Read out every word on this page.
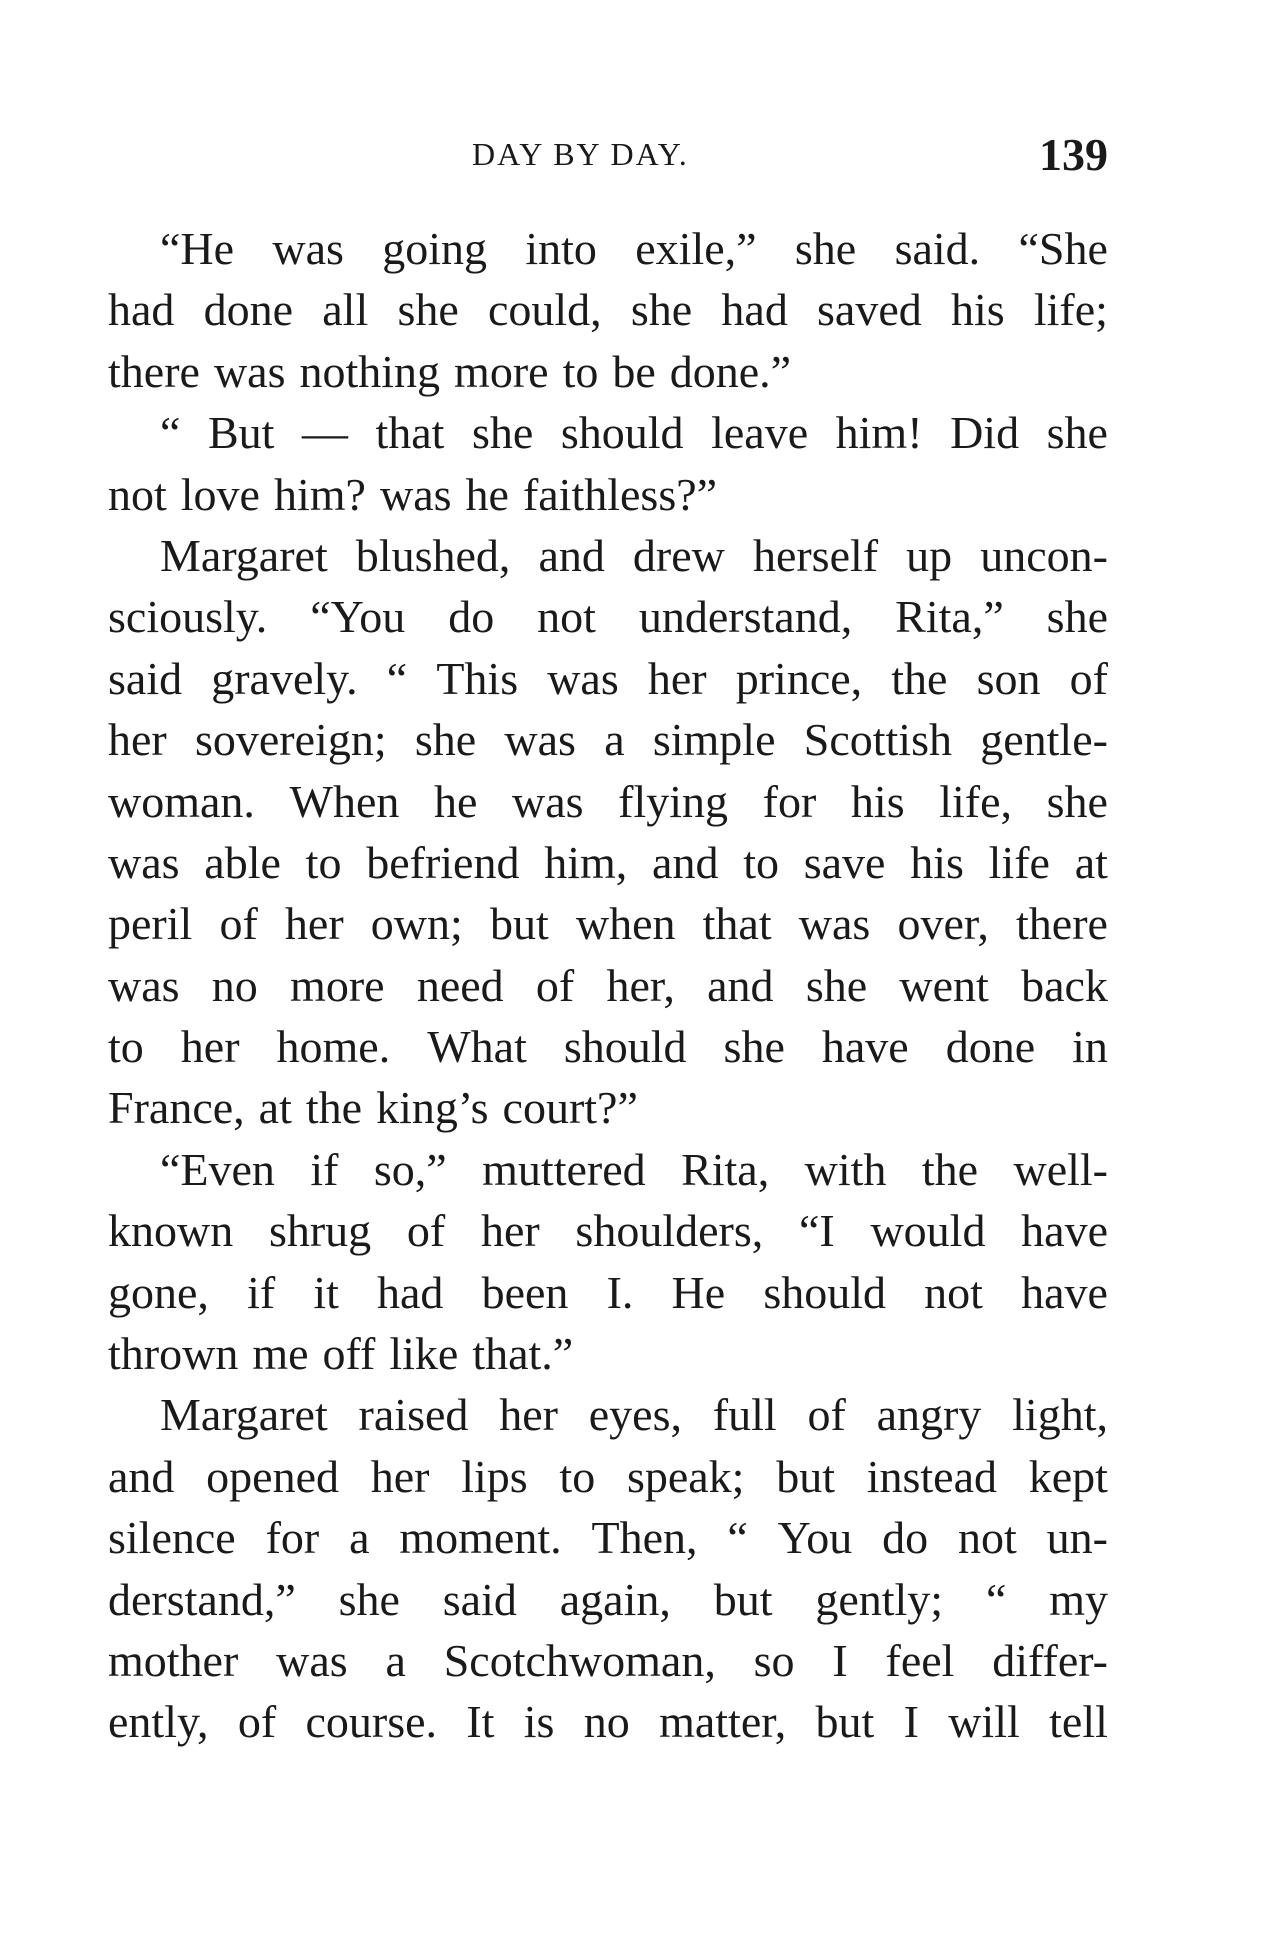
DAY BY DAY.	139
“He was going into exile,” she said. “She
had done all she could, she had saved his life;
there was nothing more to be done.”
“ But — that she should leave him! Did she
not love him? was he faithless?”
Margaret blushed, and drew herself up uncon-
sciously. “You do not understand, Rita,” she
said gravely. “ This was her prince, the son of
her sovereign; she was a simple Scottish gentle-
woman. When he was flying for his life, she
was able to befriend him, and to save his life at
peril of her own; but when that was over, there
was no more need of her, and she went back
to her home. What should she have done in
France, at the king’s court?”
“Even if so,” muttered Rita, with the well-
known shrug of her shoulders, “I would have
gone, if it had been I. He should not have
thrown me off like that.”
Margaret raised her eyes, full of angry light,
and opened her lips to speak; but instead kept
silence for a moment. Then, “ You do not un-
derstand,” she said again, but gently; “ my
mother was a Scotchwoman, so I feel differ-
ently, of course. It is no matter, but I will tell
